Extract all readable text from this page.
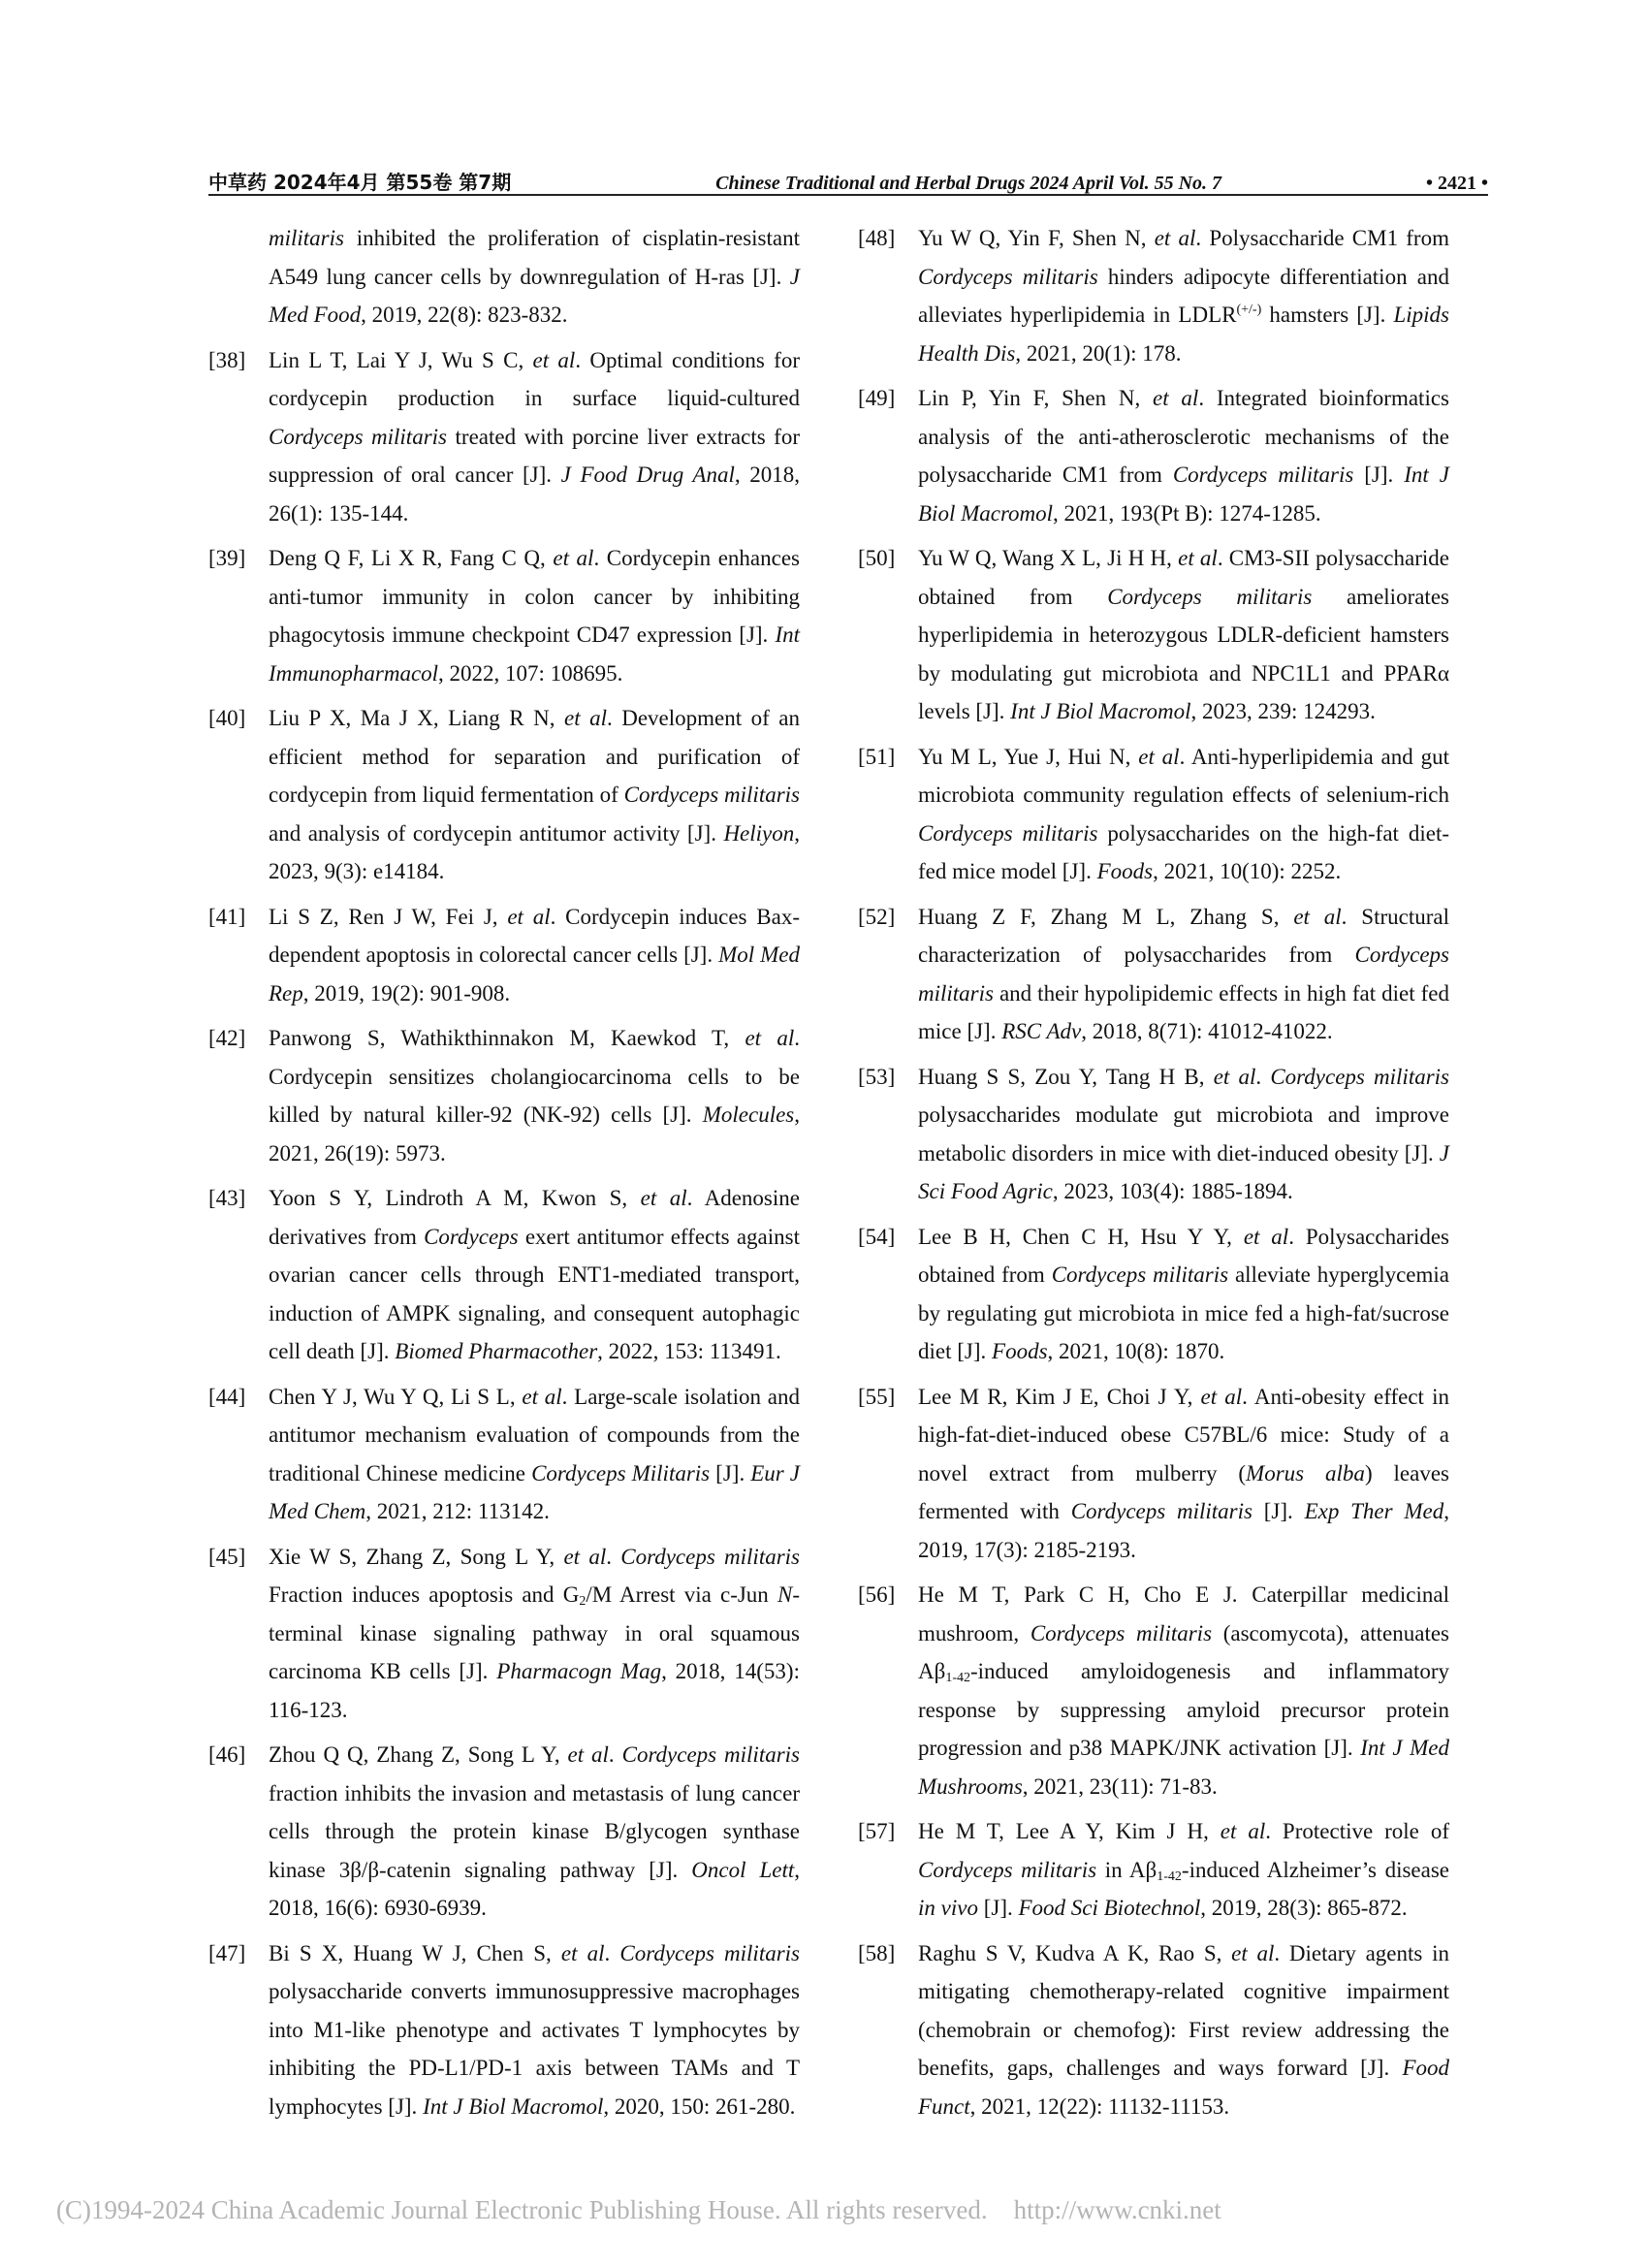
中草药 2024年4月 第55卷 第7期	Chinese Traditional and Herbal Drugs 2024 April Vol. 55 No. 7	• 2421 •
militaris inhibited the proliferation of cisplatin-resistant A549 lung cancer cells by downregulation of H-ras [J]. J Med Food, 2019, 22(8): 823-832.
[38] Lin L T, Lai Y J, Wu S C, et al. Optimal conditions for cordycepin production in surface liquid-cultured Cordyceps militaris treated with porcine liver extracts for suppression of oral cancer [J]. J Food Drug Anal, 2018, 26(1): 135-144.
[39] Deng Q F, Li X R, Fang C Q, et al. Cordycepin enhances anti-tumor immunity in colon cancer by inhibiting phagocytosis immune checkpoint CD47 expression [J]. Int Immunopharmacol, 2022, 107: 108695.
[40] Liu P X, Ma J X, Liang R N, et al. Development of an efficient method for separation and purification of cordycepin from liquid fermentation of Cordyceps militaris and analysis of cordycepin antitumor activity [J]. Heliyon, 2023, 9(3): e14184.
[41] Li S Z, Ren J W, Fei J, et al. Cordycepin induces Bax-dependent apoptosis in colorectal cancer cells [J]. Mol Med Rep, 2019, 19(2): 901-908.
[42] Panwong S, Wathikthinnakon M, Kaewkod T, et al. Cordycepin sensitizes cholangiocarcinoma cells to be killed by natural killer-92 (NK-92) cells [J]. Molecules, 2021, 26(19): 5973.
[43] Yoon S Y, Lindroth A M, Kwon S, et al. Adenosine derivatives from Cordyceps exert antitumor effects against ovarian cancer cells through ENT1-mediated transport, induction of AMPK signaling, and consequent autophagic cell death [J]. Biomed Pharmacother, 2022, 153: 113491.
[44] Chen Y J, Wu Y Q, Li S L, et al. Large-scale isolation and antitumor mechanism evaluation of compounds from the traditional Chinese medicine Cordyceps Militaris [J]. Eur J Med Chem, 2021, 212: 113142.
[45] Xie W S, Zhang Z, Song L Y, et al. Cordyceps militaris Fraction induces apoptosis and $G_2/M$ Arrest via c-Jun N-terminal kinase signaling pathway in oral squamous carcinoma KB cells [J]. Pharmacogn Mag, 2018, 14(53): 116-123.
[46] Zhou Q Q, Zhang Z, Song L Y, et al. Cordyceps militaris fraction inhibits the invasion and metastasis of lung cancer cells through the protein kinase B/glycogen synthase kinase 3β/β-catenin signaling pathway [J]. Oncol Lett, 2018, 16(6): 6930-6939.
[47] Bi S X, Huang W J, Chen S, et al. Cordyceps militaris polysaccharide converts immunosuppressive macrophages into M1-like phenotype and activates T lymphocytes by inhibiting the PD-L1/PD-1 axis between TAMs and T lymphocytes [J]. Int J Biol Macromol, 2020, 150: 261-280.
[48] Yu W Q, Yin F, Shen N, et al. Polysaccharide CM1 from Cordyceps militaris hinders adipocyte differentiation and alleviates hyperlipidemia in LDLR(+/-) hamsters [J]. Lipids Health Dis, 2021, 20(1): 178.
[49] Lin P, Yin F, Shen N, et al. Integrated bioinformatics analysis of the anti-atherosclerotic mechanisms of the polysaccharide CM1 from Cordyceps militaris [J]. Int J Biol Macromol, 2021, 193(Pt B): 1274-1285.
[50] Yu W Q, Wang X L, Ji H H, et al. CM3-SII polysaccharide obtained from Cordyceps militaris ameliorates hyperlipidemia in heterozygous LDLR-deficient hamsters by modulating gut microbiota and NPC1L1 and PPARα levels [J]. Int J Biol Macromol, 2023, 239: 124293.
[51] Yu M L, Yue J, Hui N, et al. Anti-hyperlipidemia and gut microbiota community regulation effects of selenium-rich Cordyceps militaris polysaccharides on the high-fat diet-fed mice model [J]. Foods, 2021, 10(10): 2252.
[52] Huang Z F, Zhang M L, Zhang S, et al. Structural characterization of polysaccharides from Cordyceps militaris and their hypolipidemic effects in high fat diet fed mice [J]. RSC Adv, 2018, 8(71): 41012-41022.
[53] Huang S S, Zou Y, Tang H B, et al. Cordyceps militaris polysaccharides modulate gut microbiota and improve metabolic disorders in mice with diet-induced obesity [J]. J Sci Food Agric, 2023, 103(4): 1885-1894.
[54] Lee B H, Chen C H, Hsu Y Y, et al. Polysaccharides obtained from Cordyceps militaris alleviate hyperglycemia by regulating gut microbiota in mice fed a high-fat/sucrose diet [J]. Foods, 2021, 10(8): 1870.
[55] Lee M R, Kim J E, Choi J Y, et al. Anti-obesity effect in high-fat-diet-induced obese C57BL/6 mice: Study of a novel extract from mulberry (Morus alba) leaves fermented with Cordyceps militaris [J]. Exp Ther Med, 2019, 17(3): 2185-2193.
[56] He M T, Park C H, Cho E J. Caterpillar medicinal mushroom, Cordyceps militaris (ascomycota), attenuates $A\beta_{1-42}$-induced amyloidogenesis and inflammatory response by suppressing amyloid precursor protein progression and p38 MAPK/JNK activation [J]. Int J Med Mushrooms, 2021, 23(11): 71-83.
[57] He M T, Lee A Y, Kim J H, et al. Protective role of Cordyceps militaris in $A\beta_{1-42}$-induced Alzheimer’s disease in vivo [J]. Food Sci Biotechnol, 2019, 28(3): 865-872.
[58] Raghu S V, Kudva A K, Rao S, et al. Dietary agents in mitigating chemotherapy-related cognitive impairment (chemobrain or chemofog): First review addressing the benefits, gaps, challenges and ways forward [J]. Food Funct, 2021, 12(22): 11132-11153.
(C)1994-2024 China Academic Journal Electronic Publishing House. All rights reserved.    http://www.cnki.net
